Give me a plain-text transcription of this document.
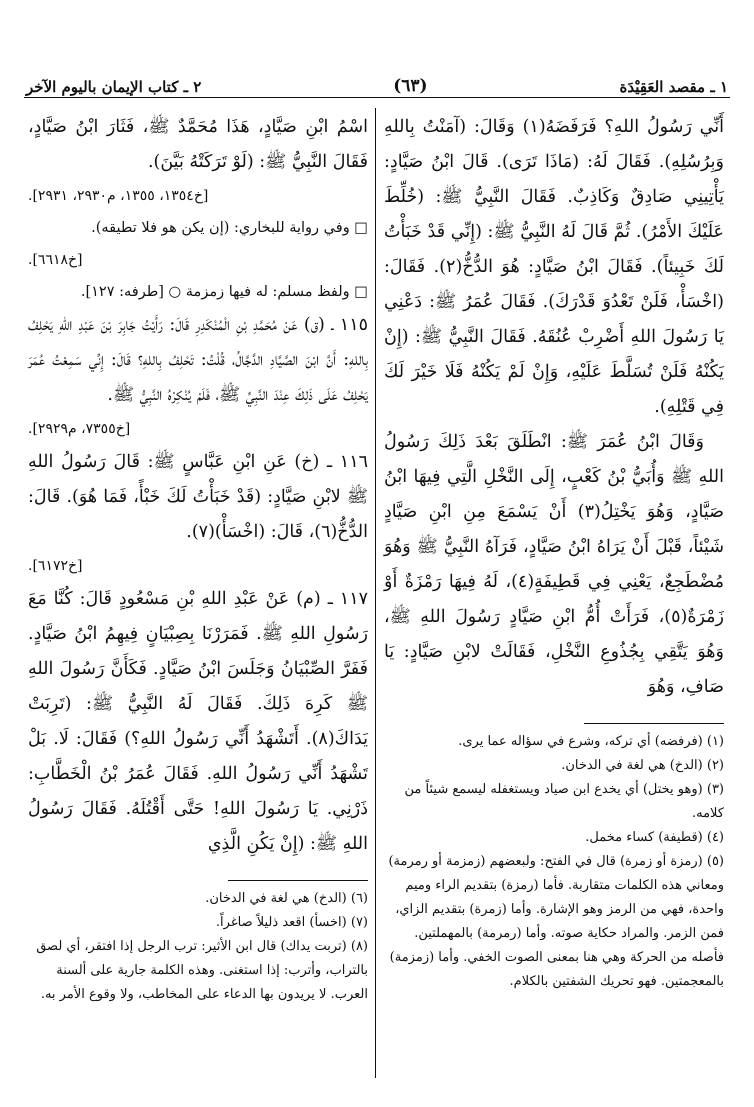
١ ـ مقصد العَقِيْدَة
(٦٣)
٢ ـ كتاب الإيمان باليوم الآخر

أَنِّي رَسُولُ اللهِ؟ فَرَفَضَهُ(١) وَقَالَ: (آمَنْتُ بِاللهِ وَبِرُسُلِهِ). فَقَالَ لَهُ: (مَاذَا تَرَى). قَالَ ابْنُ صَيَّادٍ: يَأْتِينِي صَادِقٌ وَكَاذِبٌ. فَقَالَ النَّبِيُّ ﷺ: (خُلِّطَ عَلَيْكَ الأَمْرُ). ثُمَّ قَالَ لَهُ النَّبِيُّ ﷺ: (إِنِّي قَدْ خَبَأْتُ لَكَ خَبِيئاً). فَقَالَ ابْنُ صَيَّادٍ: هُوَ الدُّخُّ(٢). فَقَالَ: (اخْسَأْ، فَلَنْ تَعْدُوَ قَدْرَكَ). فَقَالَ عُمَرُ ﷺ: دَعْنِي يَا رَسُولَ اللهِ أَضْرِبْ عُنُقَهُ. فَقَالَ النَّبِيُّ ﷺ: (إِنْ يَكُنْهُ فَلَنْ تُسَلَّطَ عَلَيْهِ، وَإِنْ لَمْ يَكُنْهُ فَلَا خَيْرَ لَكَ فِي قَتْلِهِ).

وَقَالَ ابْنُ عُمَرَ ﷺ: انْطَلَقَ بَعْدَ ذَلِكَ رَسُولُ اللهِ ﷺ وَأُبَيُّ بْنُ كَعْبٍ، إِلَى النَّخْلِ الَّتِي فِيهَا ابْنُ صَيَّادٍ، وَهُوَ يَخْتِلُ(٣) أَنْ يَسْمَعَ مِنِ ابْنِ صَيَّادٍ شَيْئاً، قَبْلَ أَنْ يَرَاهُ ابْنُ صَيَّادٍ، فَرَآهُ النَّبِيُّ ﷺ وَهُوَ مُضْطَجِعٌ، يَعْنِي فِي قَطِيفَةٍ(٤)، لَهُ فِيهَا رَمْزَةٌ أَوْ زَمْرَةٌ(٥)، فَرَأَتْ أُمُّ ابْنِ صَيَّادٍ رَسُولَ اللهِ ﷺ، وَهُوَ يَتَّقِي بِجُذُوعِ النَّخْلِ، فَقَالَتْ لابْنِ صَيَّادٍ: يَا صَافِ، وَهُوَ

(١) (فرفضه) أي تركه، وشرع في سؤاله عما يرى.
(٢) (الدخ) هي لغة في الدخان.
(٣) (وهو يختل) أي يخدع ابن صياد ويستغفله ليسمع شيئاً من كلامه.
(٤) (قطيفة) كساء مخمل.
(٥) (رمزة أو زمرة) قال في الفتح: ولبعضهم (زمزمة أو رمرمة) ومعاني هذه الكلمات متقاربة. فأما (رمزة) بتقديم الراء وميم واحدة، فهي من الرمز وهو الإشارة. وأما (زمرة) بتقديم الزاي، فمن الزمر. والمراد حكاية صوته. وأما (رمرمة) بالمهملتين. فأصله من الحركة وهي هنا بمعنى الصوت الخفي. وأما (زمزمة) بالمعجمتين. فهو تحريك الشفتين بالكلام.

اسْمُ ابْنِ صَيَّادٍ، هَذَا مُحَمَّدٌ ﷺ، فَثَارَ ابْنُ صَيَّادٍ، فَقَالَ النَّبِيُّ ﷺ: (لَوْ تَرَكَتْهُ بَيَّنَ).

[خ١٣٥٤، ١٣٥٥، م٢٩٣٠، ٢٩٣١].

□ وفي رواية للبخاري: (إن يكن هو فلا تطيقه).

[خ٦٦١٨].

□ ولفظ مسلم: له فيها زمزمة ○ [طرفه: ١٢٧].

١١٥ ـ (ق) عَنْ مُحَمَّدِ بْنِ الْمُنْكَدِرِ قَالَ: رَأَيْتُ جَابِرَ بْنَ عَبْدِ اللهِ يَحْلِفُ بِاللهِ: أَنَّ ابْنَ الصَّيَّادِ الدَّجَّالُ، قُلْتُ: تَحْلِفُ بِاللهِ؟ قَالَ: إِنِّي سَمِعْتُ عُمَرَ يَحْلِفُ عَلَى ذَلِكَ عِنْدَ النَّبِيِّ ﷺ، فَلَمْ يُنْكِرْهُ النَّبِيُّ ﷺ.

[خ٧٣٥٥، م٢٩٢٩].

١١٦ ـ (خ) عَنِ ابْنِ عَبَّاسٍ ﷺ: قَالَ رَسُولُ اللهِ ﷺ لابْنِ صَيَّادٍ: (قَدْ خَبَأْتُ لَكَ خَبْأً، فَمَا هُوَ). قَالَ: الدُّخُّ(٦)، قَالَ: (اخْسَأْ)(٧).

[خ٦١٧٢].

١١٧ ـ (م) عَنْ عَبْدِ اللهِ بْنِ مَسْعُودٍ قَالَ: كُنَّا مَعَ رَسُولِ اللهِ ﷺ. فَمَرَرْنَا بِصِبْيَانٍ فِيهِمُ ابْنُ صَيَّادٍ. فَفَرَّ الصِّبْيَانُ وَجَلَسَ ابْنُ صَيَّادٍ. فَكَأَنَّ رَسُولَ اللهِ ﷺ كَرِهَ ذَلِكَ. فَقَالَ لَهُ النَّبِيُّ ﷺ: (تَرِبَتْ يَدَاكَ(٨). أَتَشْهَدُ أَنِّي رَسُولُ اللهِ؟) فَقَالَ: لَا. بَلْ تَشْهَدُ أَنِّي رَسُولُ اللهِ. فَقَالَ عُمَرُ بْنُ الْخَطَّابِ: ذَرْنِي. يَا رَسُولَ اللهِ! حَتَّى أَقْتُلَهُ. فَقَالَ رَسُولُ اللهِ ﷺ: (إِنْ يَكُنِ الَّذِي

(٦) (الدخ) هي لغة في الدخان.
(٧) (اخسأ) اقعد ذليلاً صاغراً.
(٨) (تربت يداك) قال ابن الأثير: ترب الرجل إذا افتقر، أي لصق بالتراب، وأترب: إذا استغنى. وهذه الكلمة جارية على ألسنة العرب. لا يريدون بها الدعاء على المخاطب، ولا وقوع الأمر به.
